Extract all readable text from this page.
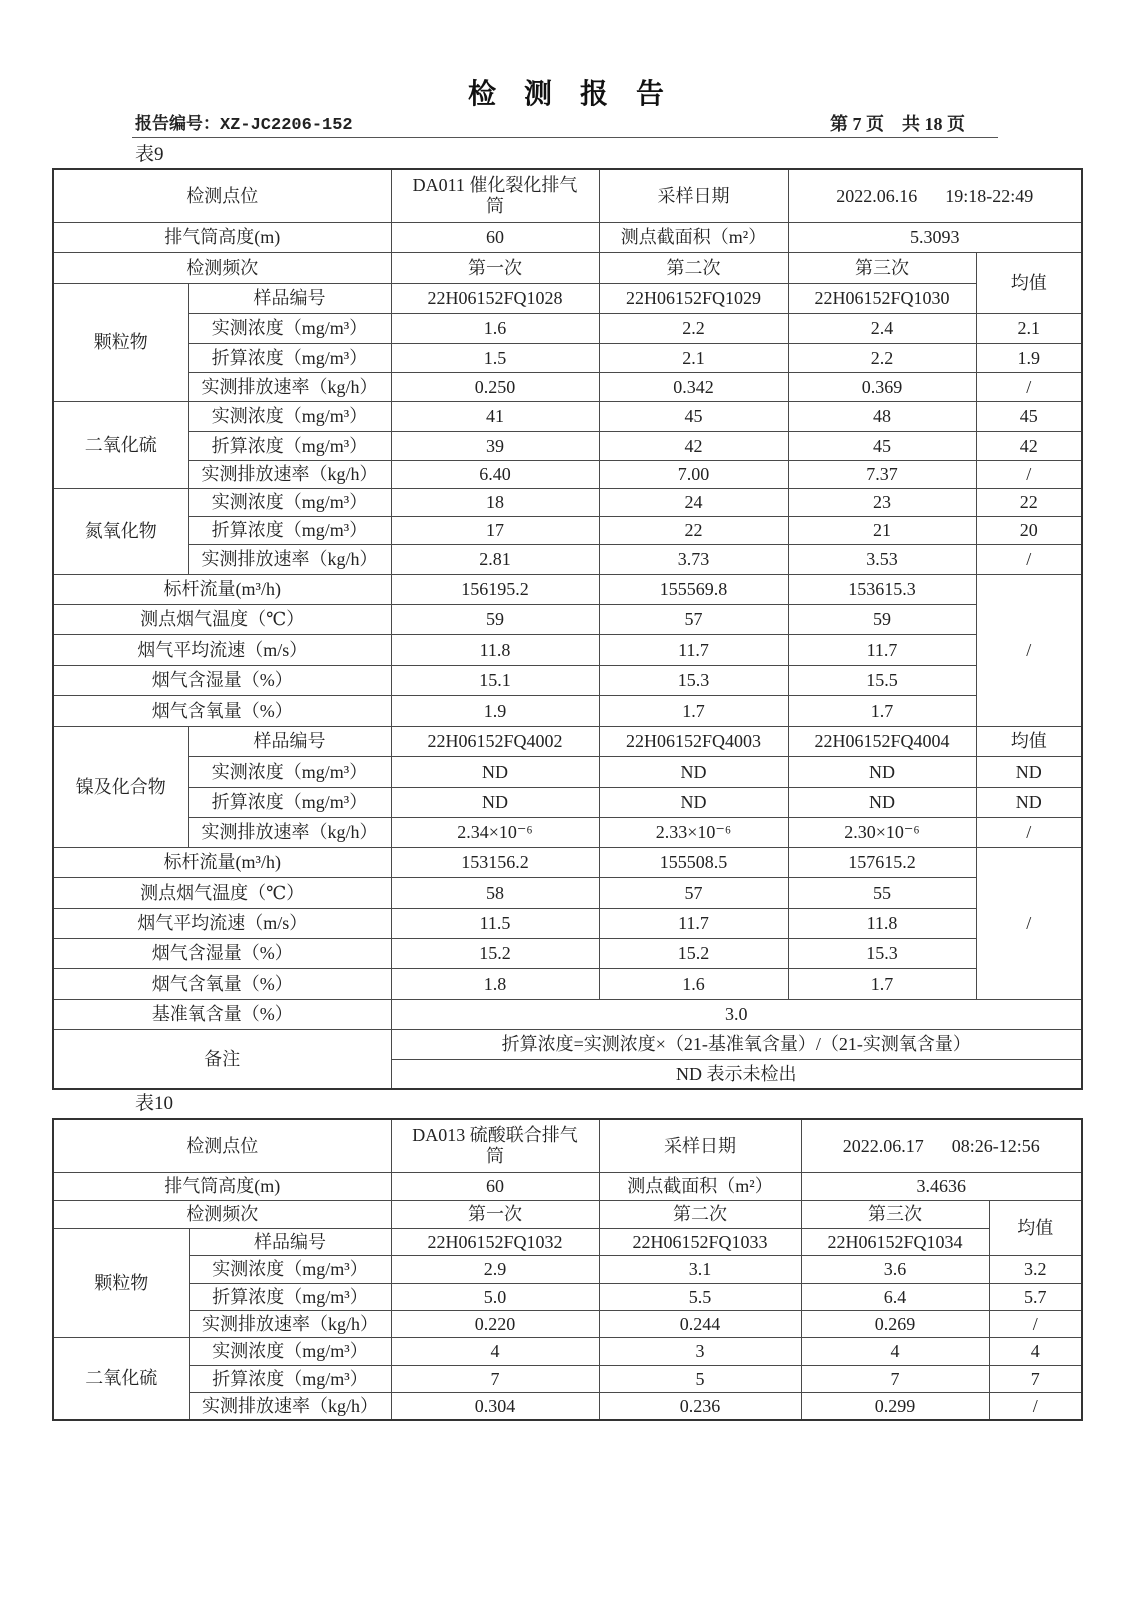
检 测 报 告
报告编号：XZ-JC2206-152	第 7 页 共 18 页
表9
检测点位		DA011 催化裂化排气筒	采样日期	2022.06.16 19:18-22:49	
排气筒高度(m)		60	测点截面积（m²）	5.3093	
检测频次		第一次	第二次	第三次	均值
颗粒物	样品编号	22H06152FQ1028	22H06152FQ1029	22H06152FQ1030	
	实测浓度（mg/m³）	1.6	2.2	2.4	2.1
	折算浓度（mg/m³）	1.5	2.1	2.2	1.9
	实测排放速率（kg/h）	0.250	0.342	0.369	/
二氧化硫	实测浓度（mg/m³）	41	45	48	45
	折算浓度（mg/m³）	39	42	45	42
	实测排放速率（kg/h）	6.40	7.00	7.37	/
氮氧化物	实测浓度（mg/m³）	18	24	23	22
	折算浓度（mg/m³）	17	22	21	20
	实测排放速率（kg/h）	2.81	3.73	3.53	/
标杆流量(m³/h)		156195.2	155569.8	153615.3	/
测点烟气温度（℃）		59	57	59	
烟气平均流速（m/s）		11.8	11.7	11.7	
烟气含湿量（%）		15.1	15.3	15.5	
烟气含氧量（%）		1.9	1.7	1.7	
镍及化合物	样品编号	22H06152FQ4002	22H06152FQ4003	22H06152FQ4004	均值
	实测浓度（mg/m³）	ND	ND	ND	ND
	折算浓度（mg/m³）	ND	ND	ND	ND
	实测排放速率（kg/h）	2.34×10⁻⁶	2.33×10⁻⁶	2.30×10⁻⁶	/
标杆流量(m³/h)		153156.2	155508.5	157615.2	/
测点烟气温度（℃）		58	57	55	
烟气平均流速（m/s）		11.5	11.7	11.8	
烟气含湿量（%）		15.2	15.2	15.3	
烟气含氧量（%）		1.8	1.6	1.7	
基准氧含量（%）		3.0			
备注		折算浓度=实测浓度×（21-基准氧含量）/（21-实测氧含量）			
		ND 表示未检出			
表10
检测点位		DA013 硫酸联合排气筒	采样日期	2022.06.17 08:26-12:56	
排气筒高度(m)		60	测点截面积（m²）	3.4636	
检测频次		第一次	第二次	第三次	均值
颗粒物	样品编号	22H06152FQ1032	22H06152FQ1033	22H06152FQ1034	
	实测浓度（mg/m³）	2.9	3.1	3.6	3.2
	折算浓度（mg/m³）	5.0	5.5	6.4	5.7
	实测排放速率（kg/h）	0.220	0.244	0.269	/
二氧化硫	实测浓度（mg/m³）	4	3	4	4
	折算浓度（mg/m³）	7	5	7	7
	实测排放速率（kg/h）	0.304	0.236	0.299	/
